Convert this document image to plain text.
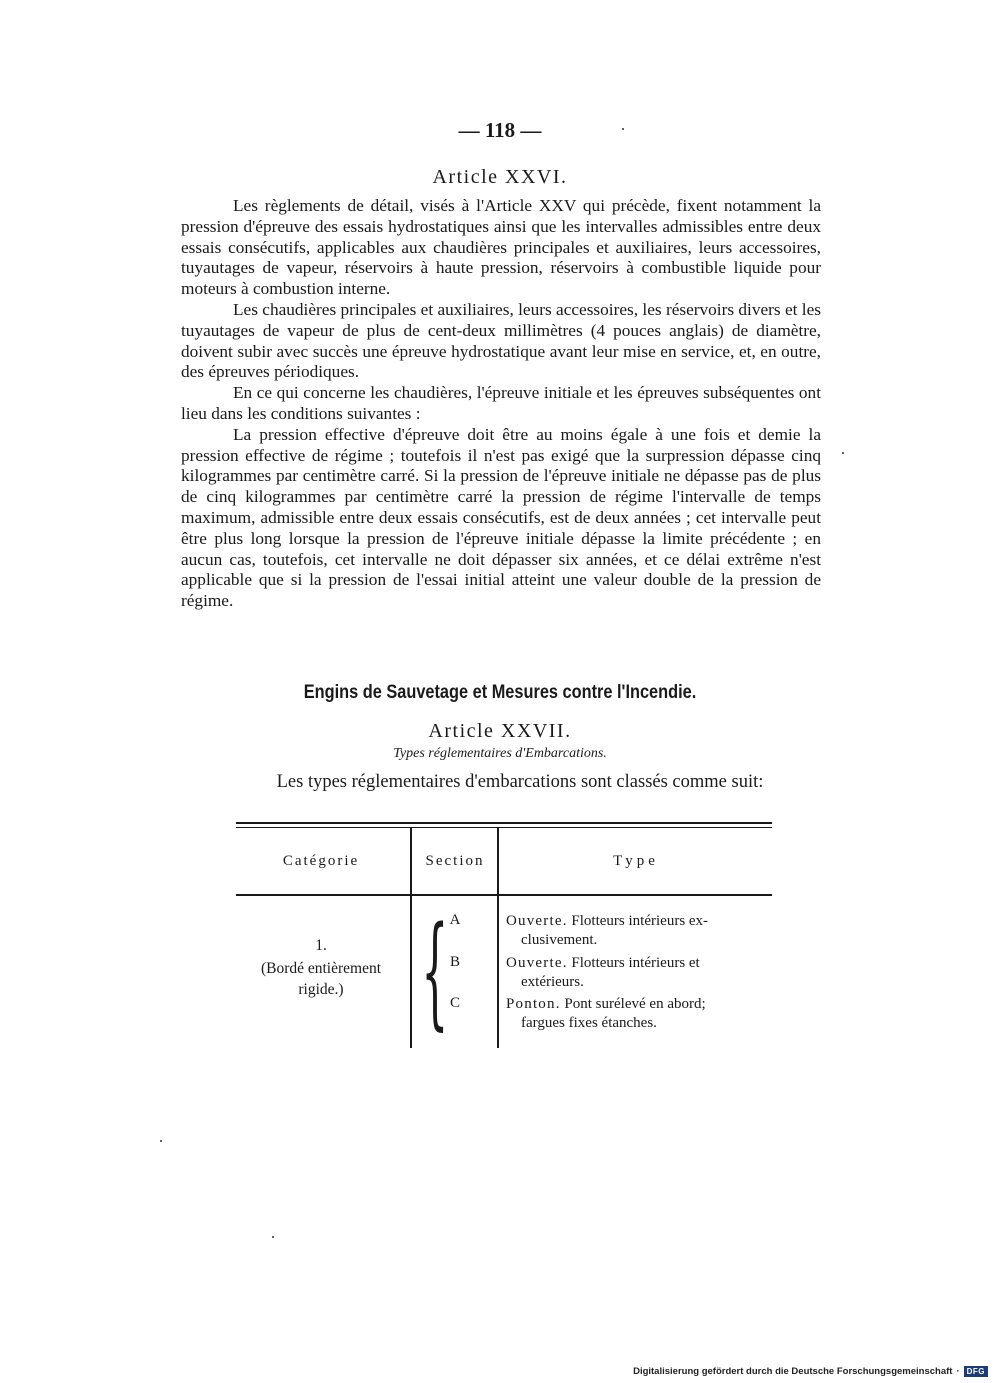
— 118 —
Article XXVI.

Les règlements de détail, visés à l'Article XXV qui précède, fixent notamment la pression d'épreuve des essais hydrostatiques ainsi que les intervalles admissibles entre deux essais consécutifs, applicables aux chaudières principales et auxiliaires, leurs accessoires, tuyautages de vapeur, réservoirs à haute pression, réservoirs à combustible liquide pour moteurs à combustion interne.

Les chaudières principales et auxiliaires, leurs accessoires, les réservoirs divers et les tuyautages de vapeur de plus de cent-deux millimètres (4 pouces anglais) de diamètre, doivent subir avec succès une épreuve hydrostatique avant leur mise en service, et, en outre, des épreuves périodiques.

En ce qui concerne les chaudières, l'épreuve initiale et les épreuves subséquentes ont lieu dans les conditions suivantes :

La pression effective d'épreuve doit être au moins égale à une fois et demie la pression effective de régime ; toutefois il n'est pas exigé que la surpression dépasse cinq kilogrammes par centimètre carré. Si la pression de l'épreuve initiale ne dépasse pas de plus de cinq kilogrammes par centimètre carré la pression de régime l'intervalle de temps maximum, admissible entre deux essais consécutifs, est de deux années ; cet intervalle peut être plus long lorsque la pression de l'épreuve initiale dépasse la limite précédente ; en aucun cas, toutefois, cet intervalle ne doit dépasser six années, et ce délai extrême n'est applicable que si la pression de l'essai initial atteint une valeur double de la pression de régime.

Engins de Sauvetage et Mesures contre l'Incendie.
Article XXVII.
Types réglementaires d'Embarcations.
Les types réglementaires d'embarcations sont classés comme suit:
Catégorie	Section	Type
1.
(Bordé entièrement rigide.) { A	Ouverte. Flotteurs intérieurs ex-
clusivement.
B	Ouverte. Flotteurs intérieurs et
extérieurs.
C	Ponton. Pont surélevé en abord;
fargues fixes étanches.
Digitalisierung gefördert durch die Deutsche Forschungsgemeinschaft · DFG
